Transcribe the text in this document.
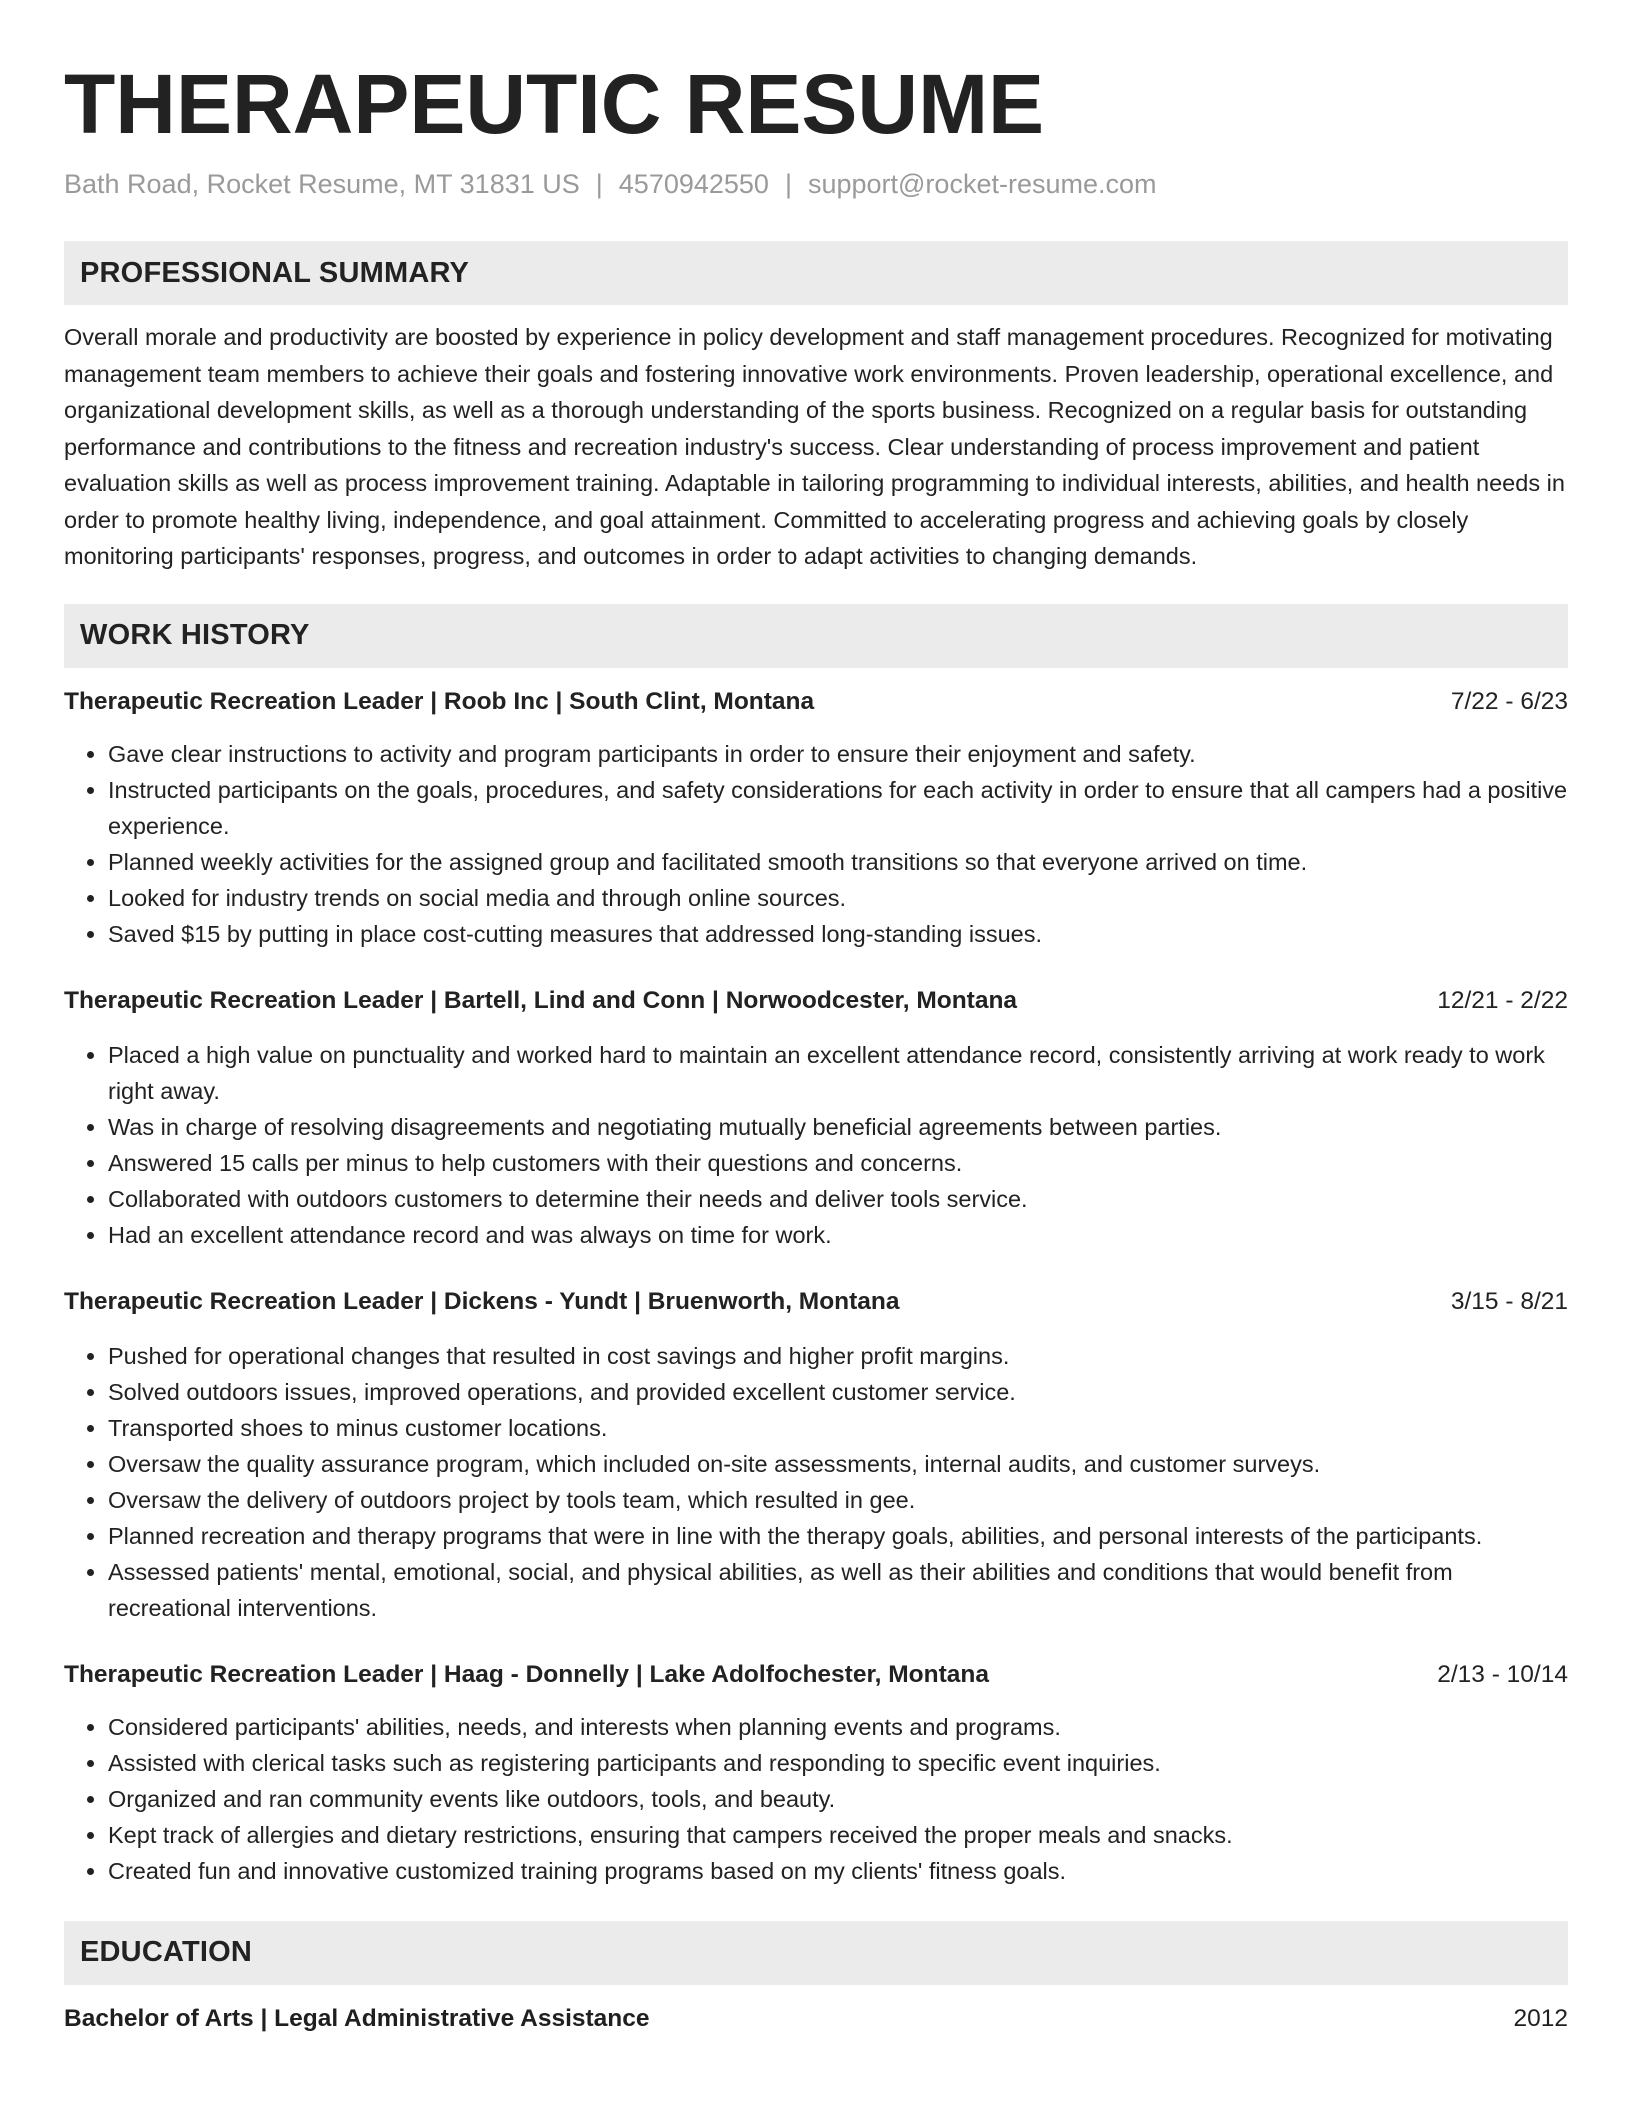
THERAPEUTIC RESUME
Bath Road, Rocket Resume, MT 31831 US | 4570942550 | support@rocket-resume.com
PROFESSIONAL SUMMARY

Overall morale and productivity are boosted by experience in policy development and staff management procedures. Recognized for motivating management team members to achieve their goals and fostering innovative work environments. Proven leadership, operational excellence, and organizational development skills, as well as a thorough understanding of the sports business. Recognized on a regular basis for outstanding performance and contributions to the fitness and recreation industry's success. Clear understanding of process improvement and patient evaluation skills as well as process improvement training. Adaptable in tailoring programming to individual interests, abilities, and health needs in order to promote healthy living, independence, and goal attainment. Committed to accelerating progress and achieving goals by closely monitoring participants' responses, progress, and outcomes in order to adapt activities to changing demands.

WORK HISTORY
Therapeutic Recreation Leader | Roob Inc | South Clint, Montana	7/22 - 6/23
• Gave clear instructions to activity and program participants in order to ensure their enjoyment and safety.
• Instructed participants on the goals, procedures, and safety considerations for each activity in order to ensure that all campers had a positive experience.
• Planned weekly activities for the assigned group and facilitated smooth transitions so that everyone arrived on time.
• Looked for industry trends on social media and through online sources.
• Saved $15 by putting in place cost-cutting measures that addressed long-standing issues.
Therapeutic Recreation Leader | Bartell, Lind and Conn | Norwoodcester, Montana	12/21 - 2/22
• Placed a high value on punctuality and worked hard to maintain an excellent attendance record, consistently arriving at work ready to work right away.
• Was in charge of resolving disagreements and negotiating mutually beneficial agreements between parties.
• Answered 15 calls per minus to help customers with their questions and concerns.
• Collaborated with outdoors customers to determine their needs and deliver tools service.
• Had an excellent attendance record and was always on time for work.
Therapeutic Recreation Leader | Dickens - Yundt | Bruenworth, Montana	3/15 - 8/21
• Pushed for operational changes that resulted in cost savings and higher profit margins.
• Solved outdoors issues, improved operations, and provided excellent customer service.
• Transported shoes to minus customer locations.
• Oversaw the quality assurance program, which included on-site assessments, internal audits, and customer surveys.
• Oversaw the delivery of outdoors project by tools team, which resulted in gee.
• Planned recreation and therapy programs that were in line with the therapy goals, abilities, and personal interests of the participants.
• Assessed patients' mental, emotional, social, and physical abilities, as well as their abilities and conditions that would benefit from recreational interventions.
Therapeutic Recreation Leader | Haag - Donnelly | Lake Adolfochester, Montana	2/13 - 10/14
• Considered participants' abilities, needs, and interests when planning events and programs.
• Assisted with clerical tasks such as registering participants and responding to specific event inquiries.
• Organized and ran community events like outdoors, tools, and beauty.
• Kept track of allergies and dietary restrictions, ensuring that campers received the proper meals and snacks.
• Created fun and innovative customized training programs based on my clients' fitness goals.
EDUCATION
Bachelor of Arts | Legal Administrative Assistance	2012
